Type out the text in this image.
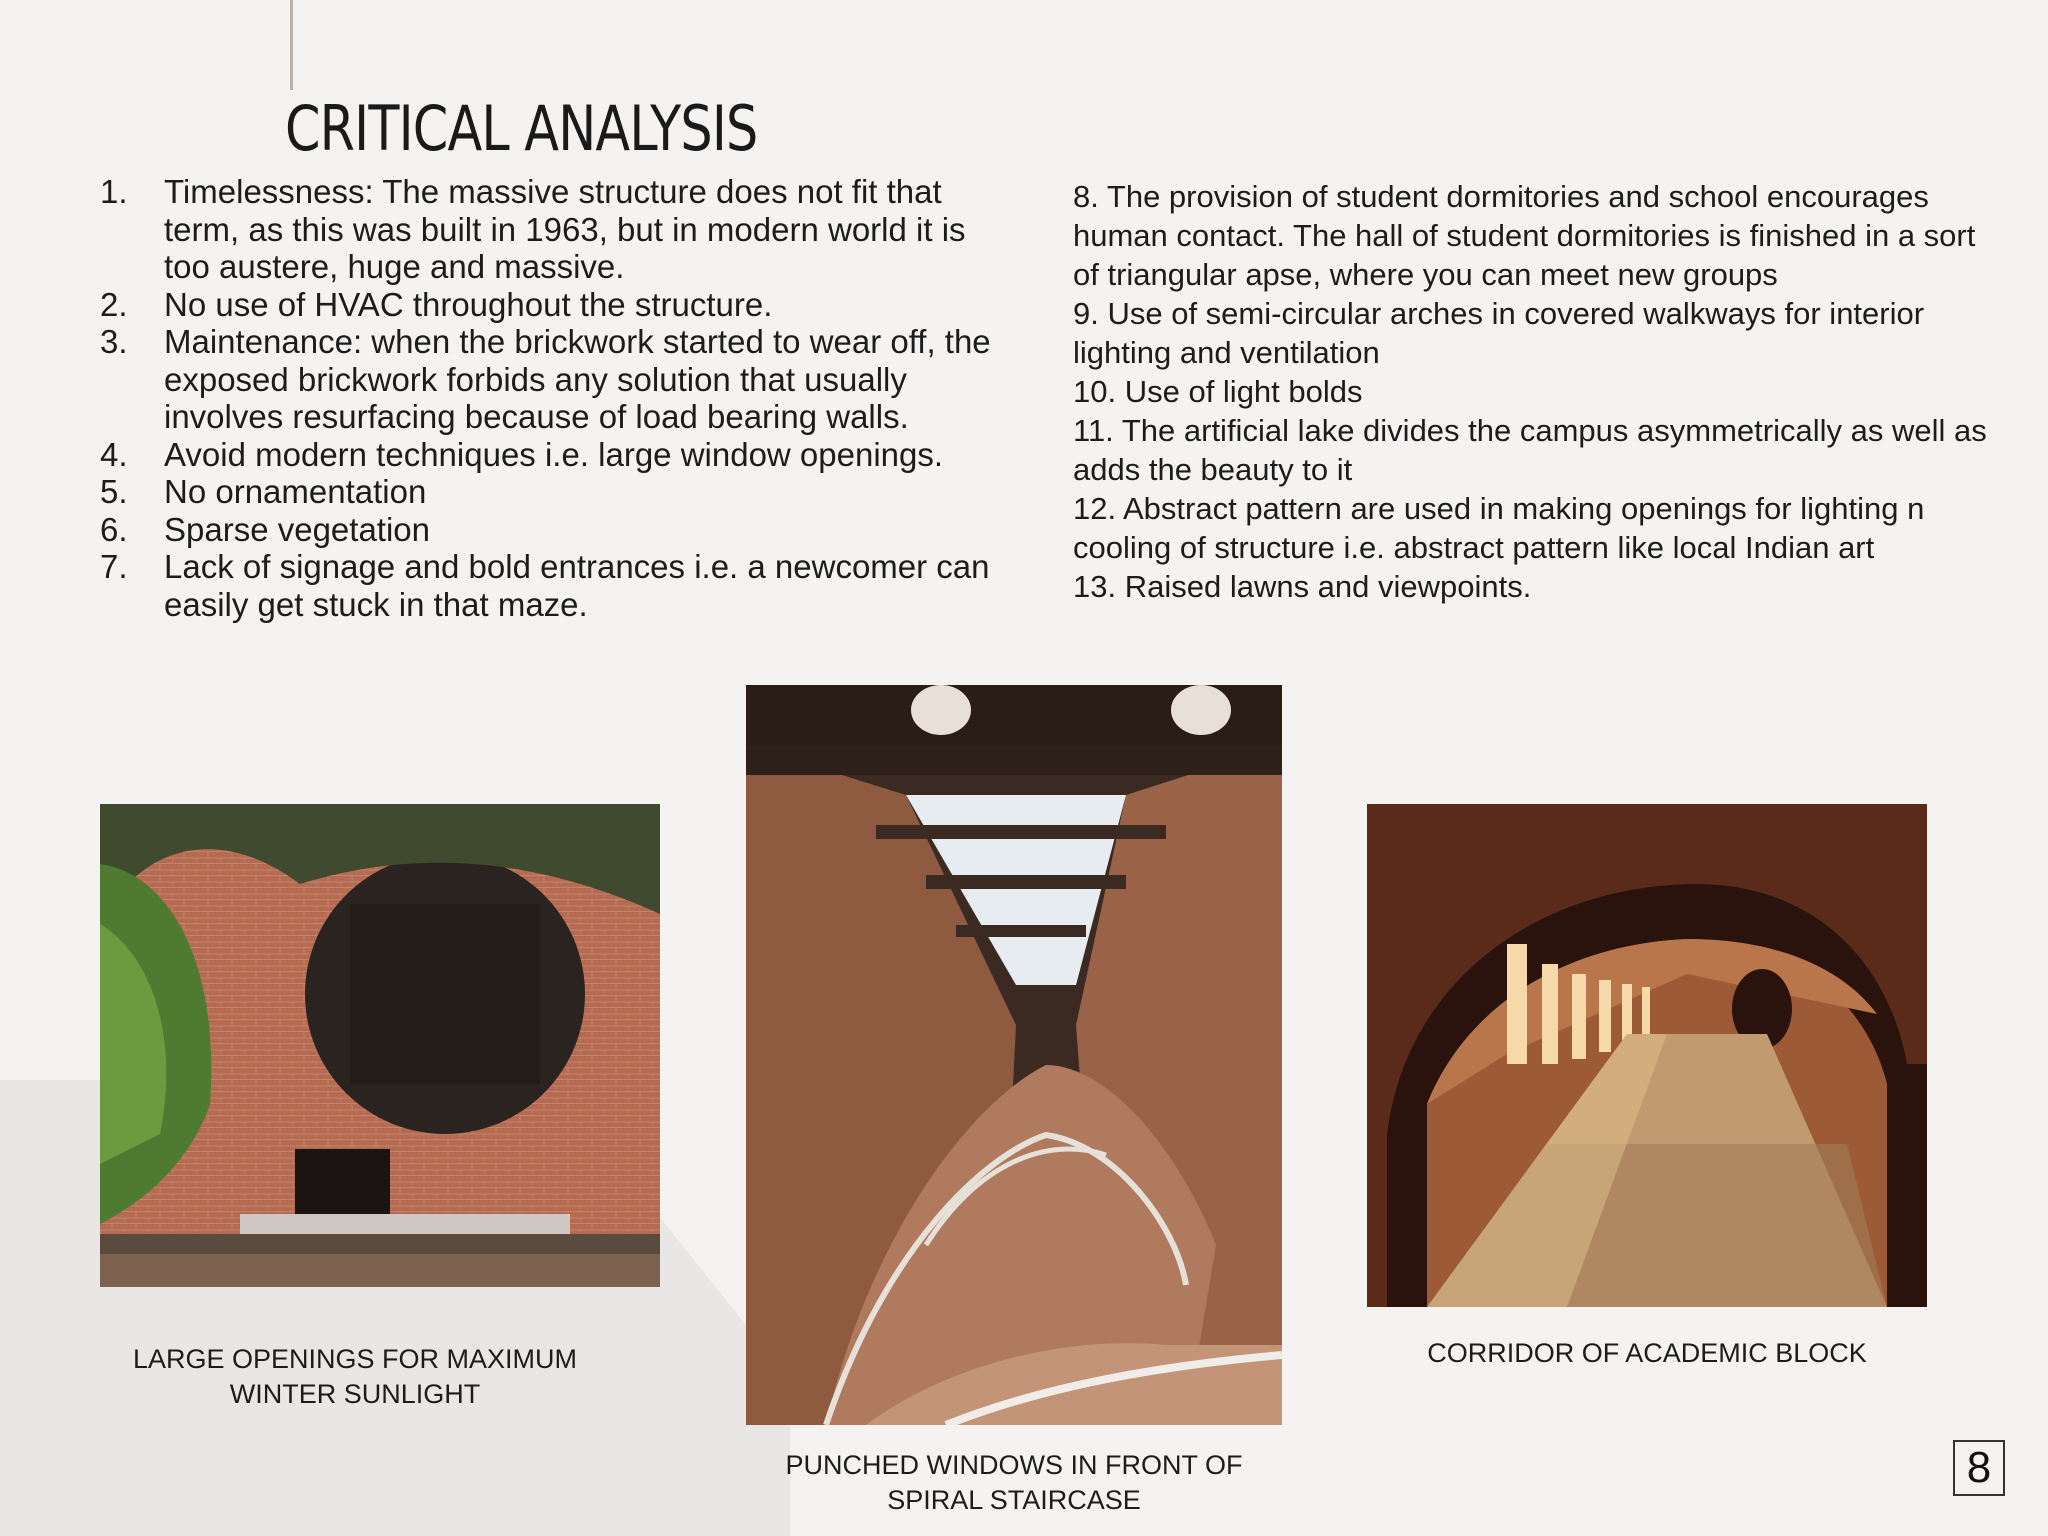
CRITICAL ANALYSIS
1. Timelessness: The massive structure does not fit that term, as this was built in 1963, but in modern world it is too austere, huge and massive.
2. No use of HVAC throughout the structure.
3. Maintenance: when the brickwork started to wear off, the exposed brickwork forbids any solution that usually involves resurfacing because of load bearing walls.
4. Avoid modern techniques i.e. large window openings.
5. No ornamentation
6. Sparse vegetation
7. Lack of signage and bold entrances i.e. a newcomer can easily get stuck in that maze.

8. The provision of student dormitories and school encourages human contact. The hall of student dormitories is finished in a sort of triangular apse, where you can meet new groups

9. Use of semi-circular arches in covered walkways for interior lighting and ventilation

10. Use of light bolds

11. The artificial lake divides the campus asymmetrically as well as adds the beauty to it

12. Abstract pattern are used in making openings for lighting n cooling of structure i.e. abstract pattern like local Indian art

13. Raised lawns and viewpoints.

LARGE OPENINGS FOR MAXIMUM
WINTER SUNLIGHT
PUNCHED WINDOWS IN FRONT OF
SPIRAL STAIRCASE
CORRIDOR OF ACADEMIC BLOCK
8
